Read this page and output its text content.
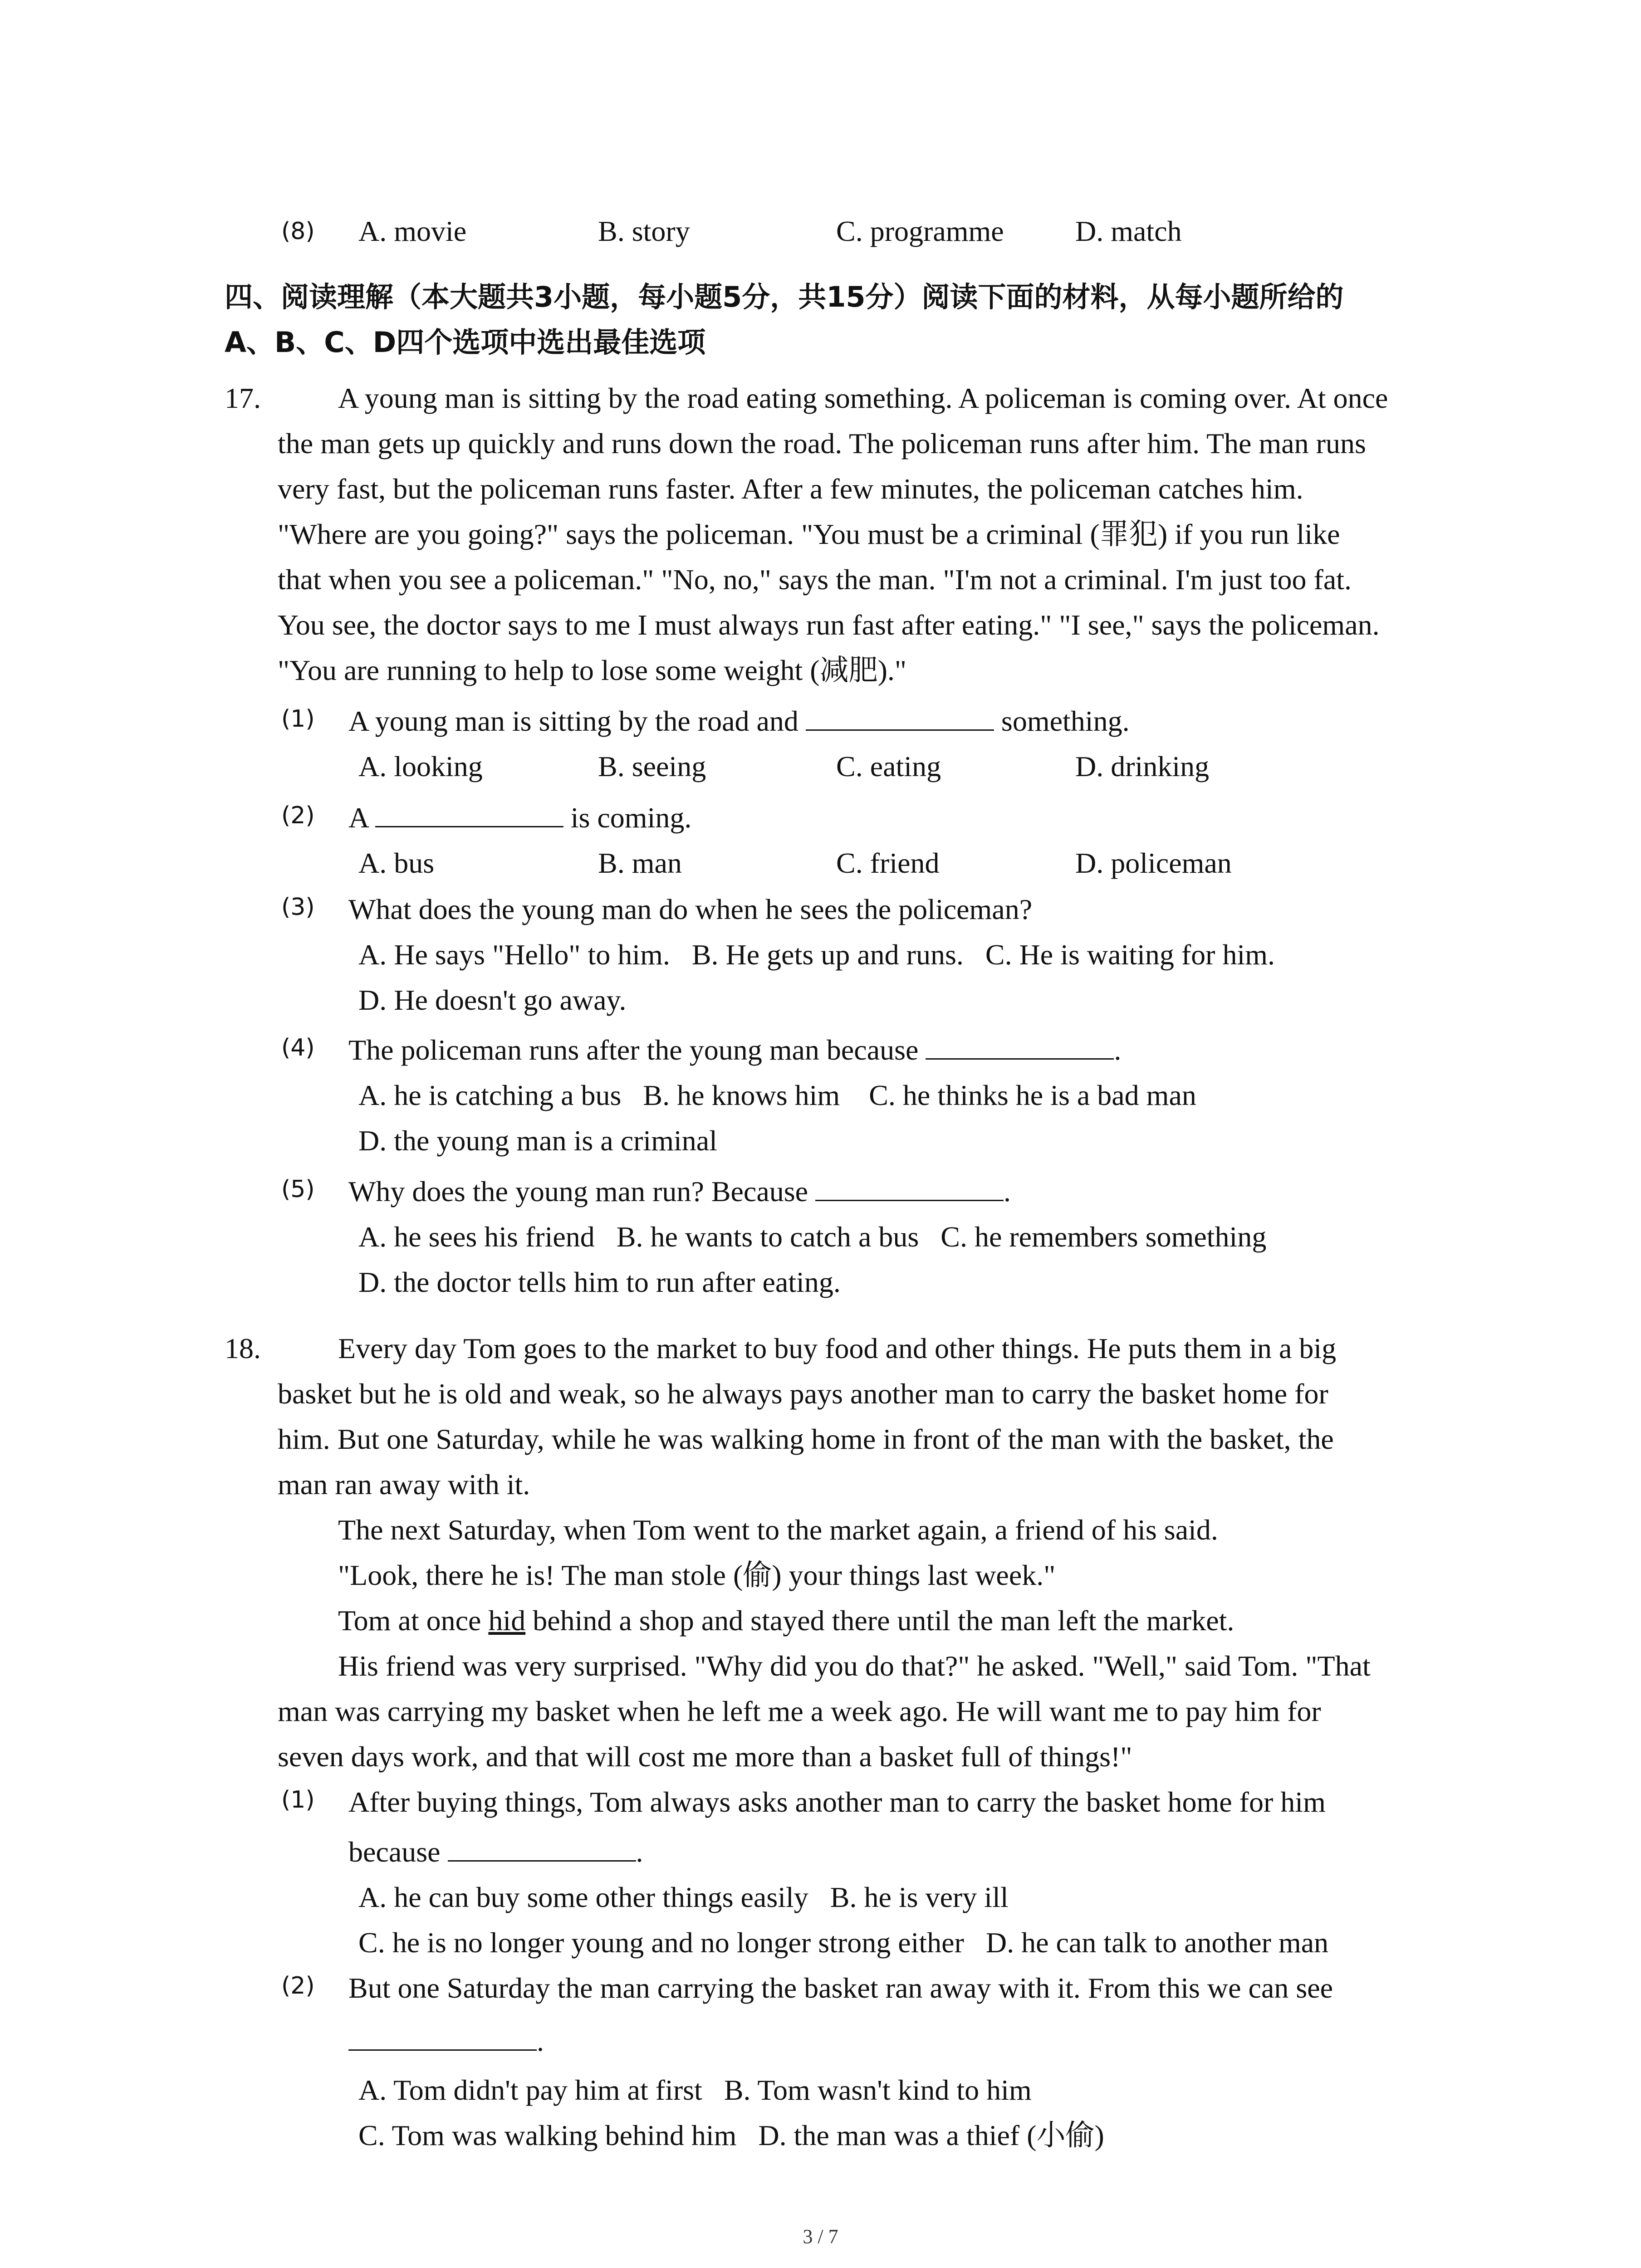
(8) A. movie	B. story	C. programme D. match
四、阅读理解（本大题共3小题，每小题5分，共15分）阅读下面的材料，从每小题所给的
A、B、C、D四个选项中选出最佳选项
17.	A young man is sitting by the road eating something. A policeman is coming over. At once
the man gets up quickly and runs down the road. The policeman runs after him. The man runs
very fast, but the policeman runs faster. After a few minutes, the policeman catches him.
"Where are you going?" says the policeman. "You must be a criminal (罪犯) if you run like
that when you see a policeman." "No, no," says the man. "I'm not a criminal. I'm just too fat.
You see, the doctor says to me I must always run fast after eating." "I see," says the policeman.
"You are running to help to lose some weight (减肥)."
(1) A young man is sitting by the road and	something.
A. looking	B. seeing	C. eating	D. drinking
(2) A	is coming.
A. bus	B. man	C. friend	D. policeman
(3) What does the young man do when he sees the policeman?
A. He says "Hello" to him.   B. He gets up and runs.   C. He is waiting for him.
D. He doesn't go away.
(4) The policeman runs after the young man because	.
A. he is catching a bus   B. he knows him    C. he thinks he is a bad man
D. the young man is a criminal
(5) Why does the young man run? Because	.
A. he sees his friend   B. he wants to catch a bus   C. he remembers something
D. the doctor tells him to run after eating.
18.	Every day Tom goes to the market to buy food and other things. He puts them in a big
basket but he is old and weak, so he always pays another man to carry the basket home for
him. But one Saturday, while he was walking home in front of the man with the basket, the
man ran away with it.
The next Saturday, when Tom went to the market again, a friend of his said.
"Look, there he is! The man stole (偷) your things last week."
Tom at once hid behind a shop and stayed there until the man left the market.
His friend was very surprised. "Why did you do that?" he asked. "Well," said Tom. "That
man was carrying my basket when he left me a week ago. He will want me to pay him for
seven days work, and that will cost me more than a basket full of things!"
(1) After buying things, Tom always asks another man to carry the basket home for him
because	.
A. he can buy some other things easily   B. he is very ill
C. he is no longer young and no longer strong either   D. he can talk to another man
(2) But one Saturday the man carrying the basket ran away with it. From this we can see
.
A. Tom didn't pay him at first   B. Tom wasn't kind to him
C. Tom was walking behind him   D. the man was a thief (小偷)
3 / 7
